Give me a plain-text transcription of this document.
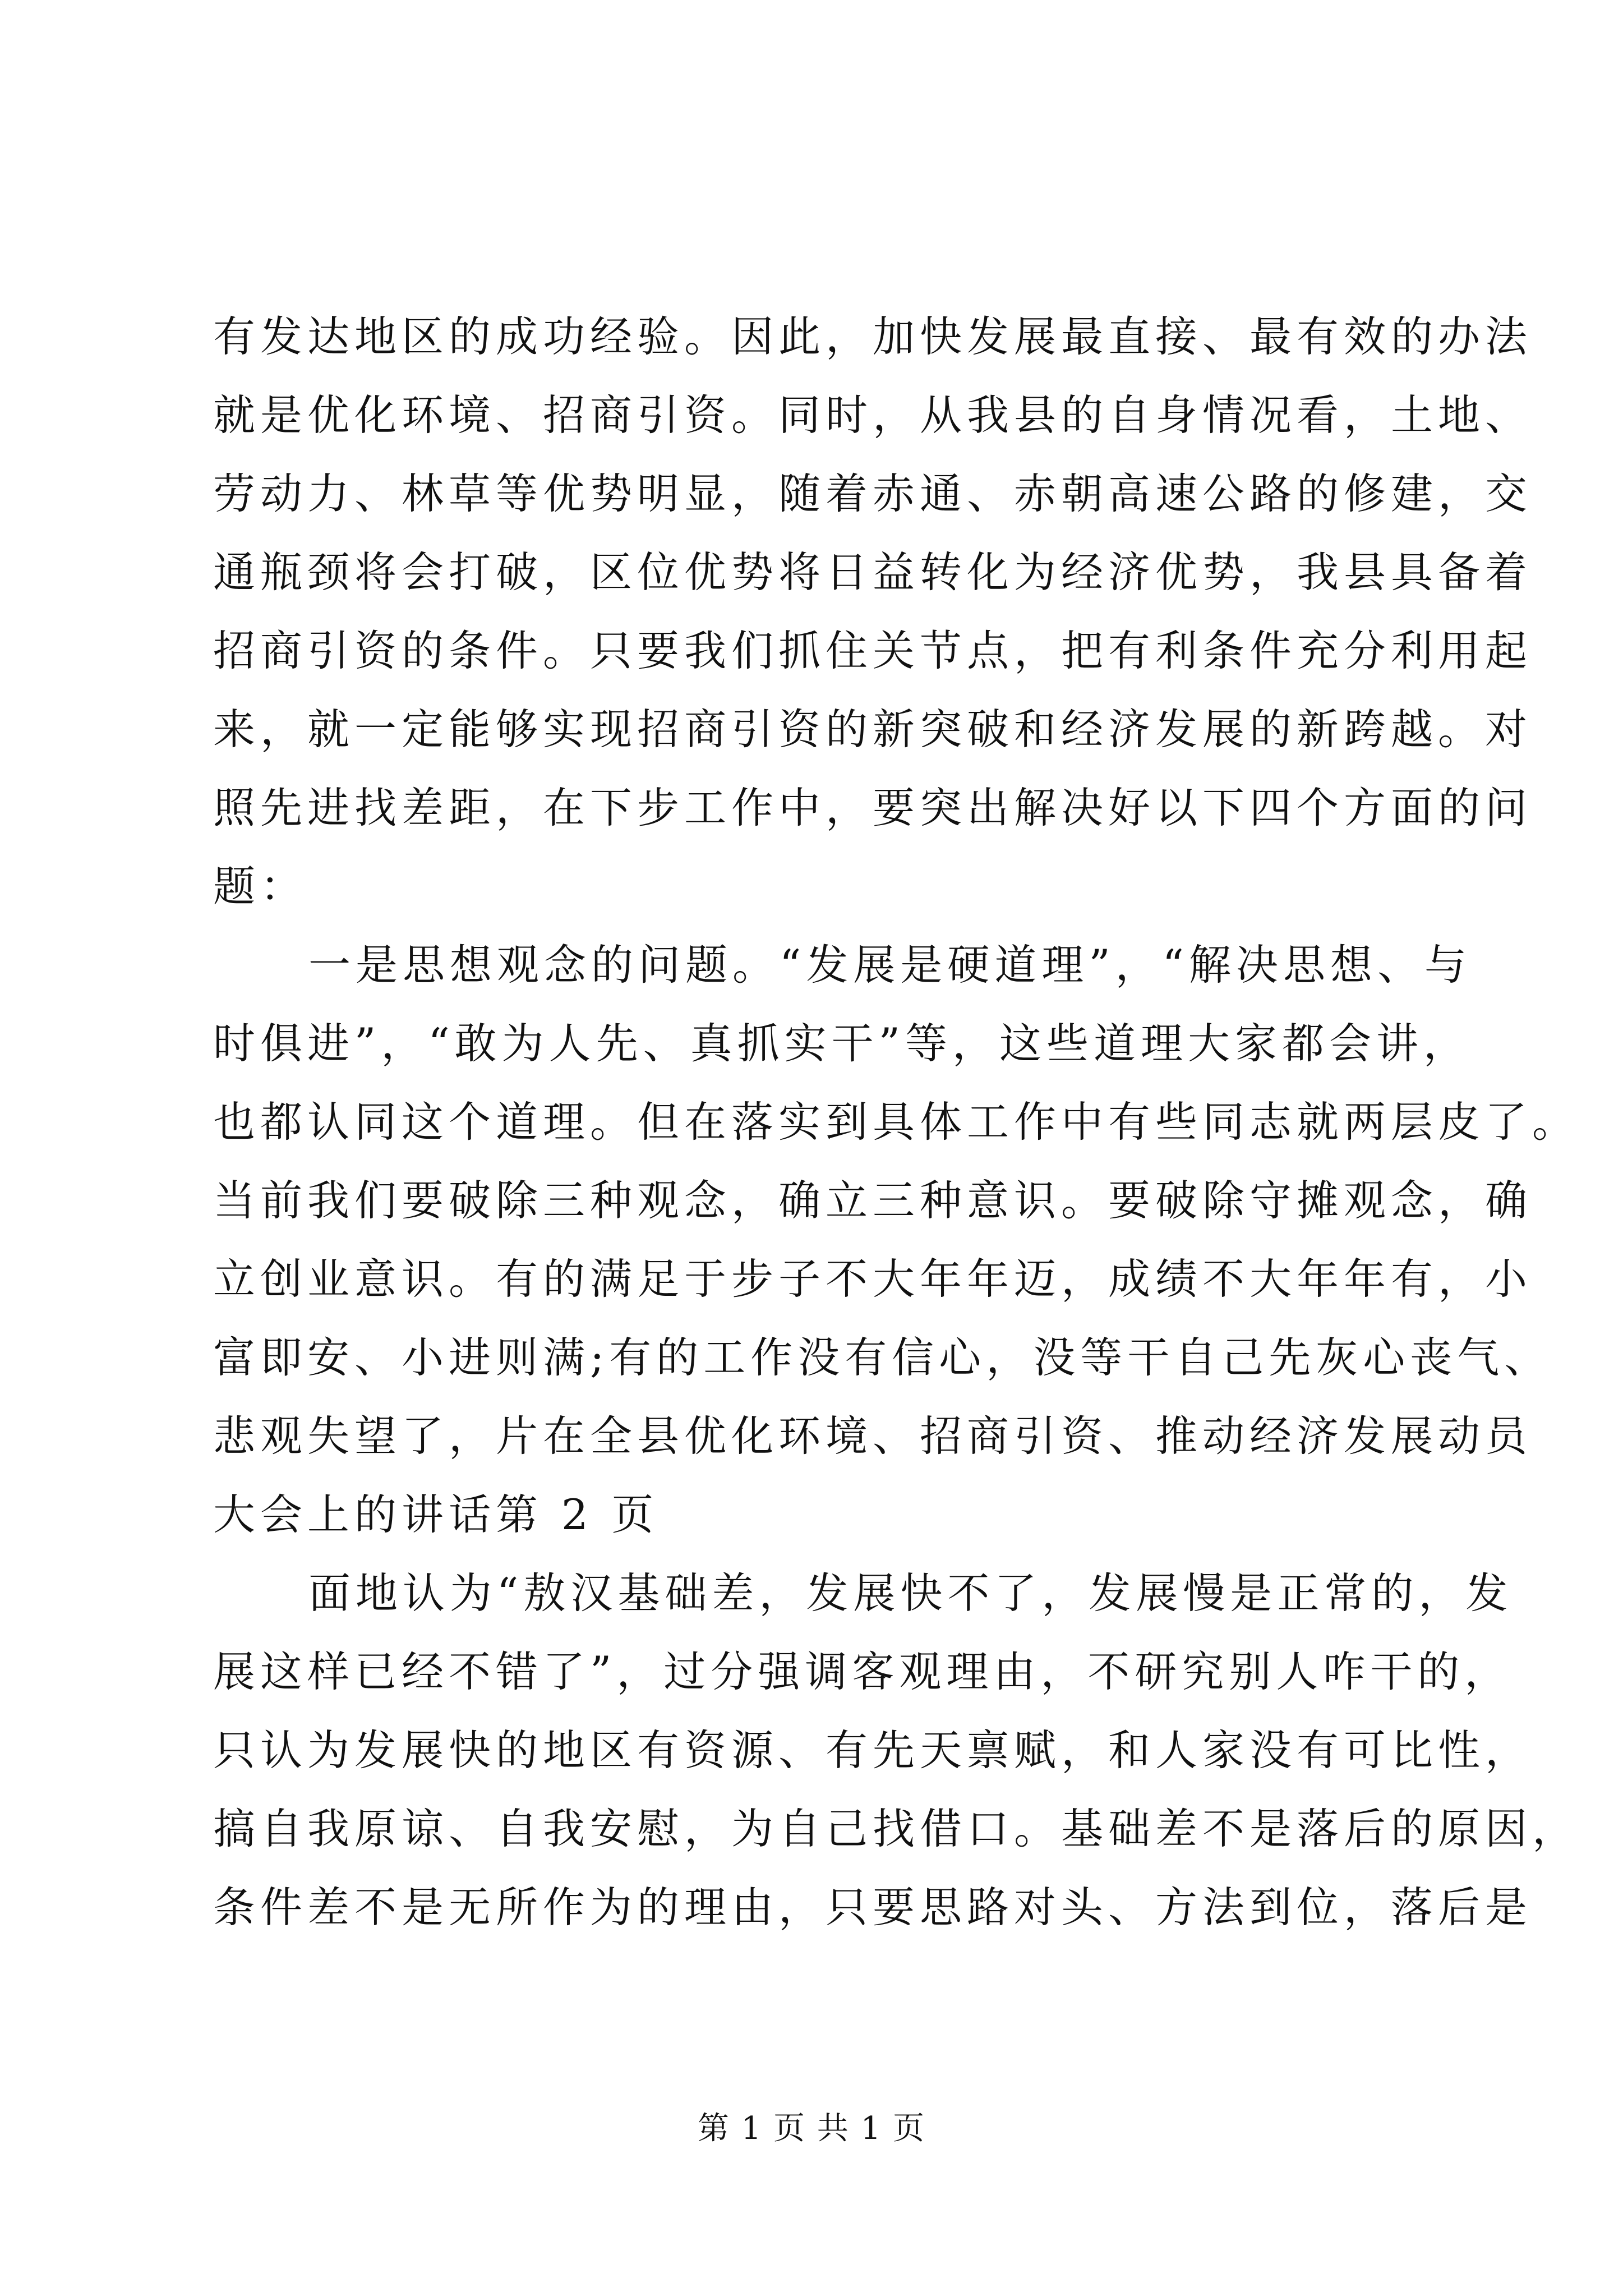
有发达地区的成功经验。因此，加快发展最直接、最有效的办法
就是优化环境、招商引资。同时，从我县的自身情况看，土地、
劳动力、林草等优势明显，随着赤通、赤朝高速公路的修建，交
通瓶颈将会打破，区位优势将日益转化为经济优势，我县具备着
招商引资的条件。只要我们抓住关节点，把有利条件充分利用起
来，就一定能够实现招商引资的新突破和经济发展的新跨越。对
照先进找差距，在下步工作中，要突出解决好以下四个方面的问
题：
一是思想观念的问题。“发展是硬道理”，“解决思想、与
时俱进”，“敢为人先、真抓实干”等，这些道理大家都会讲，
也都认同这个道理。但在落实到具体工作中有些同志就两层皮了。
当前我们要破除三种观念，确立三种意识。要破除守摊观念，确
立创业意识。有的满足于步子不大年年迈，成绩不大年年有，小
富即安、小进则满;有的工作没有信心，没等干自己先灰心丧气、
悲观失望了，片在全县优化环境、招商引资、推动经济发展动员
大会上的讲话第 2 页
面地认为“敖汉基础差，发展快不了，发展慢是正常的，发
展这样已经不错了”，过分强调客观理由，不研究别人咋干的，
只认为发展快的地区有资源、有先天禀赋，和人家没有可比性，
搞自我原谅、自我安慰，为自己找借口。基础差不是落后的原因，
条件差不是无所作为的理由，只要思路对头、方法到位，落后是
第 1 页 共 1 页
